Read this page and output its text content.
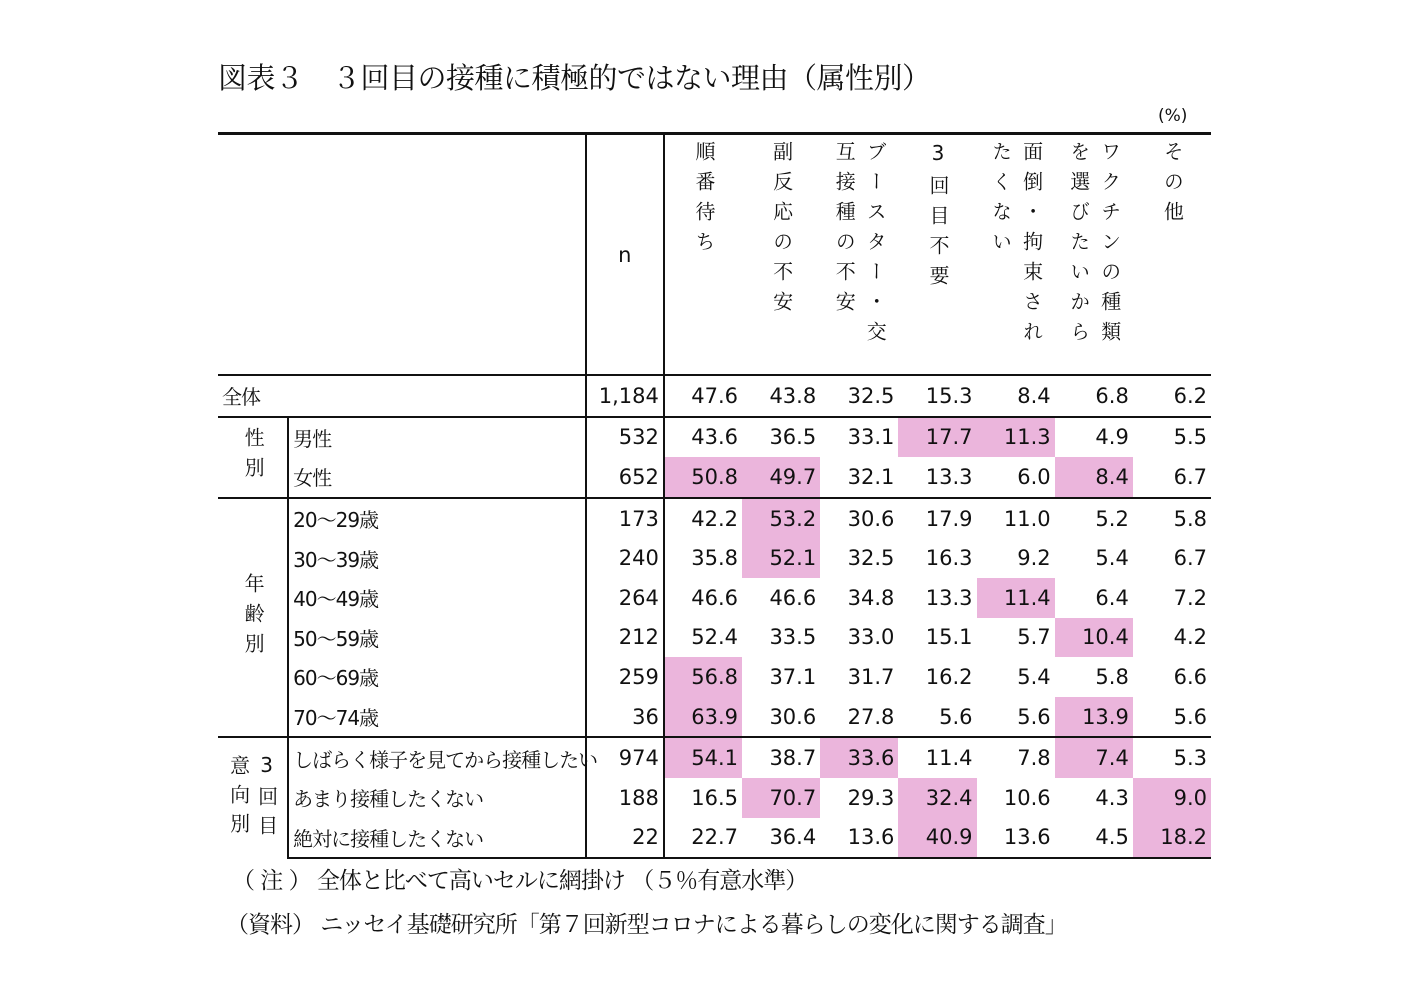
図表３　３回目の接種に積極的ではない理由（属性別）
(%)
		n	順番待ち	副反応の不安	ブースター・交互接種の不安	3回目不要	面倒・拘束されたくない	ワクチンの種類を選びたいから	その他

全体		1,184	47.6	43.8	32.5	15.3	8.4	6.8	6.2

性別	男性	532	43.6	36.5	33.1	17.7	11.3	4.9	5.5
	女性	652	50.8	49.7	32.1	13.3	6.0	8.4	6.7

年齢別	20～29歳	173	42.2	53.2	30.6	17.9	11.0	5.2	5.8
	30～39歳	240	35.8	52.1	32.5	16.3	9.2	5.4	6.7
	40～49歳	264	46.6	46.6	34.8	13.3	11.4	6.4	7.2
	50～59歳	212	52.4	33.5	33.0	15.1	5.7	10.4	4.2
	60～69歳	259	56.8	37.1	31.7	16.2	5.4	5.8	6.6
	70～74歳	36	63.9	30.6	27.8	5.6	5.6	13.9	5.6

3回目意向別	しばらく様子を見てから接種したい	974	54.1	38.7	33.6	11.4	7.8	7.4	5.3
	あまり接種したくない	188	16.5	70.7	29.3	32.4	10.6	4.3	9.0
	絶対に接種したくない	22	22.7	36.4	13.6	40.9	13.6	4.5	18.2
（ 注 ） 全体と比べて高いセルに網掛け （５％有意水準）
（資料） ニッセイ基礎研究所「第７回新型コロナによる暮らしの変化に関する調査」
